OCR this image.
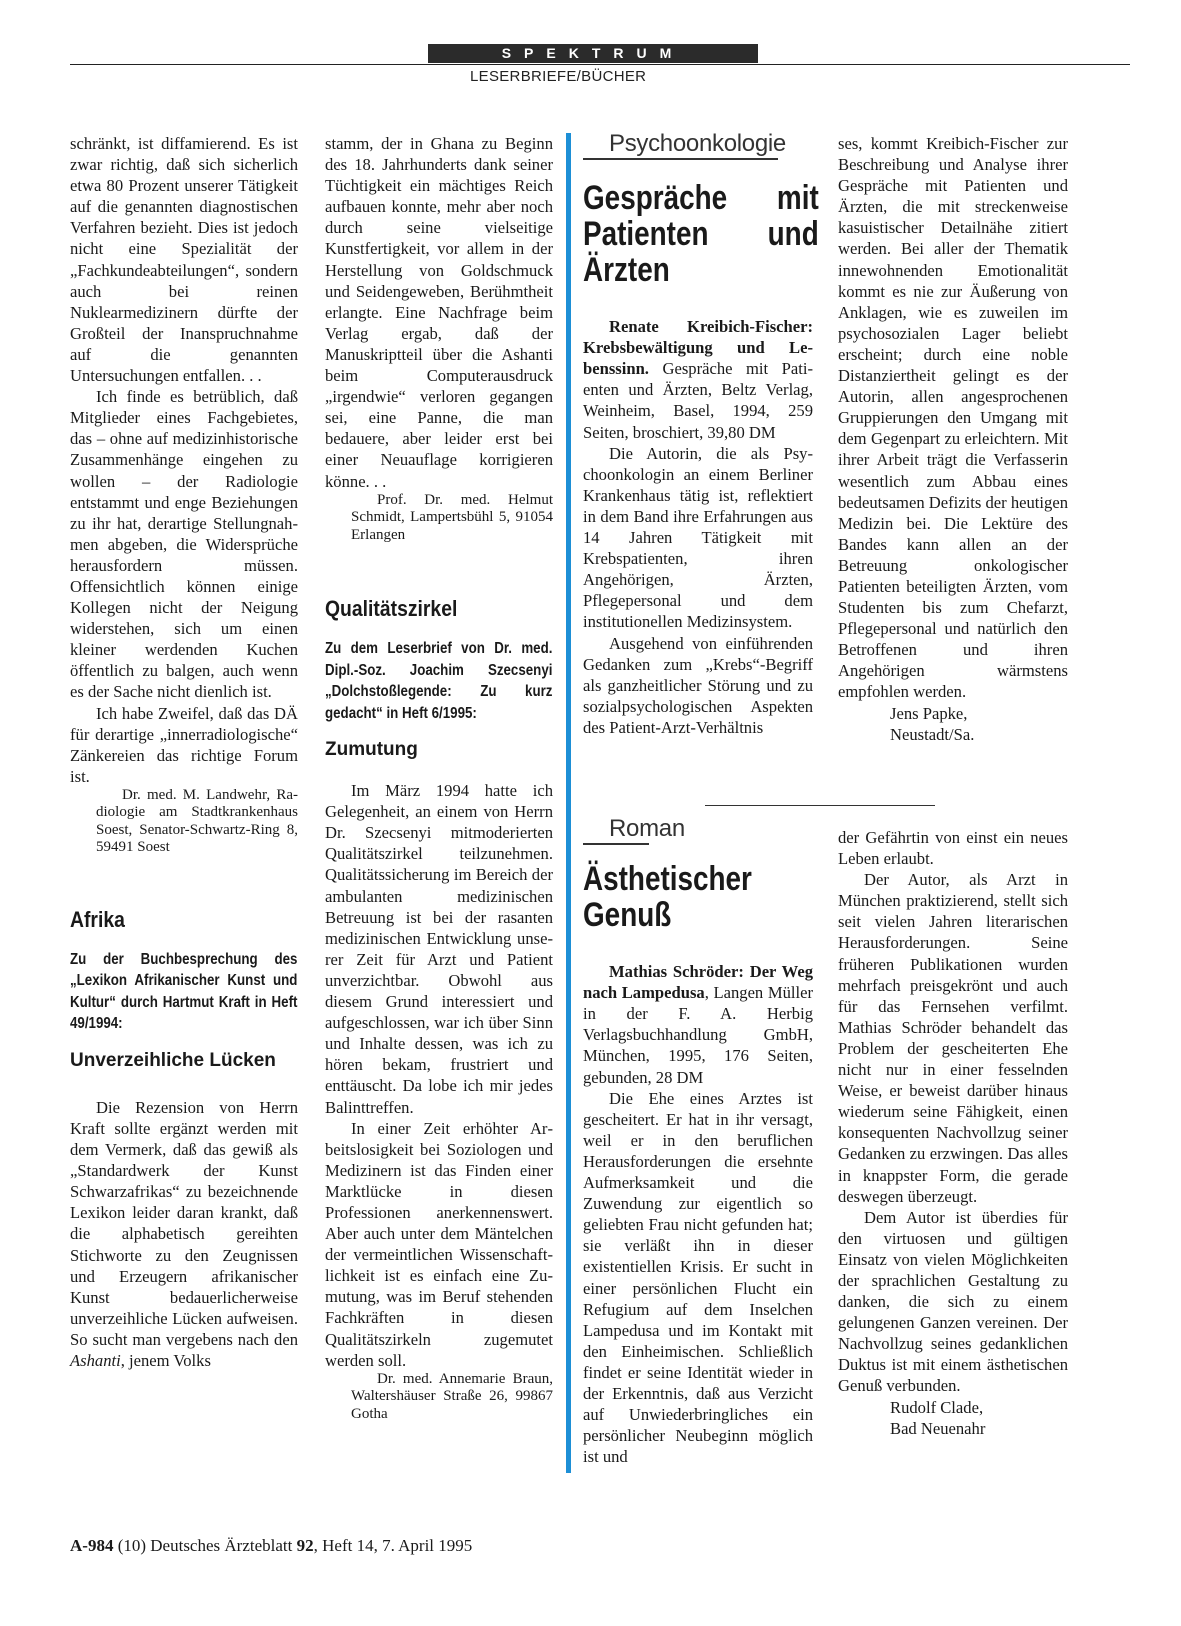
SPEKTRUM
LESERBRIEFE/BÜCHER

schränkt, ist diffamierend. Es ist zwar richtig, daß sich sicherlich etwa 80 Prozent unserer Tätigkeit auf die genannten diagnostischen Verfahren bezieht. Dies ist jedoch nicht eine Spezialität der „Fachkundeabteilungen“, sondern auch bei reinen Nuklearmedizinern dürfte der Großteil der Inanspruchnahme auf die genannten Untersuchungen entfallen. . .

Ich finde es betrüblich, daß Mitglieder eines Fachgebietes, das – ohne auf medizinhistorische Zusammenhänge eingehen zu wollen – der Radiologie entstammt und enge Beziehungen zu ihr hat, derartige Stellungnahmen abgeben, die Widersprüche herausfordern müssen. Offensichtlich können einige Kollegen nicht der Neigung widerstehen, sich um einen kleiner werdenden Kuchen öffentlich zu balgen, auch wenn es der Sache nicht dienlich ist.

Ich habe Zweifel, daß das DÄ für derartige „innerradiologische“ Zänkereien das richtige Forum ist.

Dr. med. M. Landwehr, Radiologie am Stadtkrankenhaus Soest, Senator-Schwartz-Ring 8, 59491 Soest

Afrika

Zu der Buchbesprechung des „Lexikon Afrikanischer Kunst und Kultur“ durch Hartmut Kraft in Heft 49/1994:

Unverzeihliche Lücken

Die Rezension von Herrn Kraft sollte ergänzt werden mit dem Vermerk, daß das gewiß als „Standardwerk der Kunst Schwarzafrikas“ zu bezeichnende Lexikon leider daran krankt, daß die alphabetisch gereihten Stichworte zu den Zeugnissen und Erzeugern afrikanischer Kunst bedauerlicherweise unverzeihliche Lücken aufweisen. So sucht man vergebens nach den Ashanti, jenem Volks

stamm, der in Ghana zu Beginn des 18. Jahrhunderts dank seiner Tüchtigkeit ein mächtiges Reich aufbauen konnte, mehr aber noch durch seine vielseitige Kunstfertigkeit, vor allem in der Herstellung von Goldschmuck und Seidengeweben, Berühmtheit erlangte. Eine Nachfrage beim Verlag ergab, daß der Manuskriptteil über die Ashanti beim Computerausdruck „irgendwie“ verloren gegangen sei, eine Panne, die man bedauere, aber leider erst bei einer Neuauflage korrigieren könne. . .

Prof. Dr. med. Helmut Schmidt, Lampertsbühl 5, 91054 Erlangen

Qualitätszirkel

Zu dem Leserbrief von Dr. med. Dipl.-Soz. Joachim Szecsenyi „Dolchstoßlegende: Zu kurz gedacht“ in Heft 6/1995:

Zumutung

Im März 1994 hatte ich Gelegenheit, an einem von Herrn Dr. Szecsenyi mitmoderierten Qualitätszirkel teilzunehmen. Qualitätssicherung im Bereich der ambulanten medizinischen Betreuung ist bei der rasanten medizinischen Entwicklung unserer Zeit für Arzt und Patient unverzichtbar. Obwohl aus diesem Grund interessiert und aufgeschlossen, war ich über Sinn und Inhalte dessen, was ich zu hören bekam, frustriert und enttäuscht. Da lobe ich mir jedes Balinttreffen.

In einer Zeit erhöhter Arbeitslosigkeit bei Soziologen und Medizinern ist das Finden einer Marktlücke in diesen Professionen anerkennenswert. Aber auch unter dem Mäntelchen der vermeintlichen Wissenschaftlichkeit ist es einfach eine Zumutung, was im Beruf stehenden Fachkräften in diesen Qualitätszirkeln zugemutet werden soll.

Dr. med. Annemarie Braun, Waltershäuser Straße 26, 99867 Gotha

Psychoonkologie

Gespräche mit Patienten und Ärzten

Renate Kreibich-Fischer: Krebsbewältigung und Lebenssinn. Gespräche mit Patienten und Ärzten, Beltz Verlag, Weinheim, Basel, 1994, 259 Seiten, broschiert, 39,80 DM

Die Autorin, die als Psychoonkologin an einem Berliner Krankenhaus tätig ist, reflektiert in dem Band ihre Erfahrungen aus 14 Jahren Tätigkeit mit Krebspatienten, ihren Angehörigen, Ärzten, Pflegepersonal und dem institutionellen Medizinsystem.

Ausgehend von einführenden Gedanken zum „Krebs“-Begriff als ganzheitlicher Störung und zu sozialpsychologischen Aspekten des Patient-Arzt-Verhältnis

Roman

Ästhetischer Genuß

Mathias Schröder: Der Weg nach Lampedusa, Langen Müller in der F. A. Herbig Verlagsbuchhandlung GmbH, München, 1995, 176 Seiten, gebunden, 28 DM

Die Ehe eines Arztes ist gescheitert. Er hat in ihr versagt, weil er in den beruflichen Herausforderungen die ersehnte Aufmerksamkeit und die Zuwendung zur eigentlich so geliebten Frau nicht gefunden hat; sie verläßt ihn in dieser existentiellen Krisis. Er sucht in einer persönlichen Flucht ein Refugium auf dem Inselchen Lampedusa und im Kontakt mit den Einheimischen. Schließlich findet er seine Identität wieder in der Erkenntnis, daß aus Verzicht auf Unwiederbringliches ein persönlicher Neubeginn möglich ist und

ses, kommt Kreibich-Fischer zur Beschreibung und Analyse ihrer Gespräche mit Patienten und Ärzten, die mit streckenweise kasuistischer Detailnähe zitiert werden. Bei aller der Thematik innewohnenden Emotionalität kommt es nie zur Äußerung von Anklagen, wie es zuweilen im psychosozialen Lager beliebt erscheint; durch eine noble Distanziertheit gelingt es der Autorin, allen angesprochenen Gruppierungen den Umgang mit dem Gegenpart zu erleichtern. Mit ihrer Arbeit trägt die Verfasserin wesentlich zum Abbau eines bedeutsamen Defizits der heutigen Medizin bei. Die Lektüre des Bandes kann allen an der Betreuung onkologischer Patienten beteiligten Ärzten, vom Studenten bis zum Chefarzt, Pflegepersonal und natürlich den Betroffenen und ihren Angehörigen wärmstens empfohlen werden.

Jens Papke,

Neustadt/Sa.

der Gefährtin von einst ein neues Leben erlaubt.

Der Autor, als Arzt in München praktizierend, stellt sich seit vielen Jahren literarischen Herausforderungen. Seine früheren Publikationen wurden mehrfach preisgekrönt und auch für das Fernsehen verfilmt. Mathias Schröder behandelt das Problem der gescheiterten Ehe nicht nur in einer fesselnden Weise, er beweist darüber hinaus wiederum seine Fähigkeit, einen konsequenten Nachvollzug seiner Gedanken zu erzwingen. Das alles in knappster Form, die gerade deswegen überzeugt.

Dem Autor ist überdies für den virtuosen und gültigen Einsatz von vielen Möglichkeiten der sprachlichen Gestaltung zu danken, die sich zu einem gelungenen Ganzen vereinen. Der Nachvollzug seines gedanklichen Duktus ist mit einem ästhetischen Genuß verbunden.

Rudolf Clade,

Bad Neuenahr

A-984 (10) Deutsches Ärzteblatt 92, Heft 14, 7. April 1995
